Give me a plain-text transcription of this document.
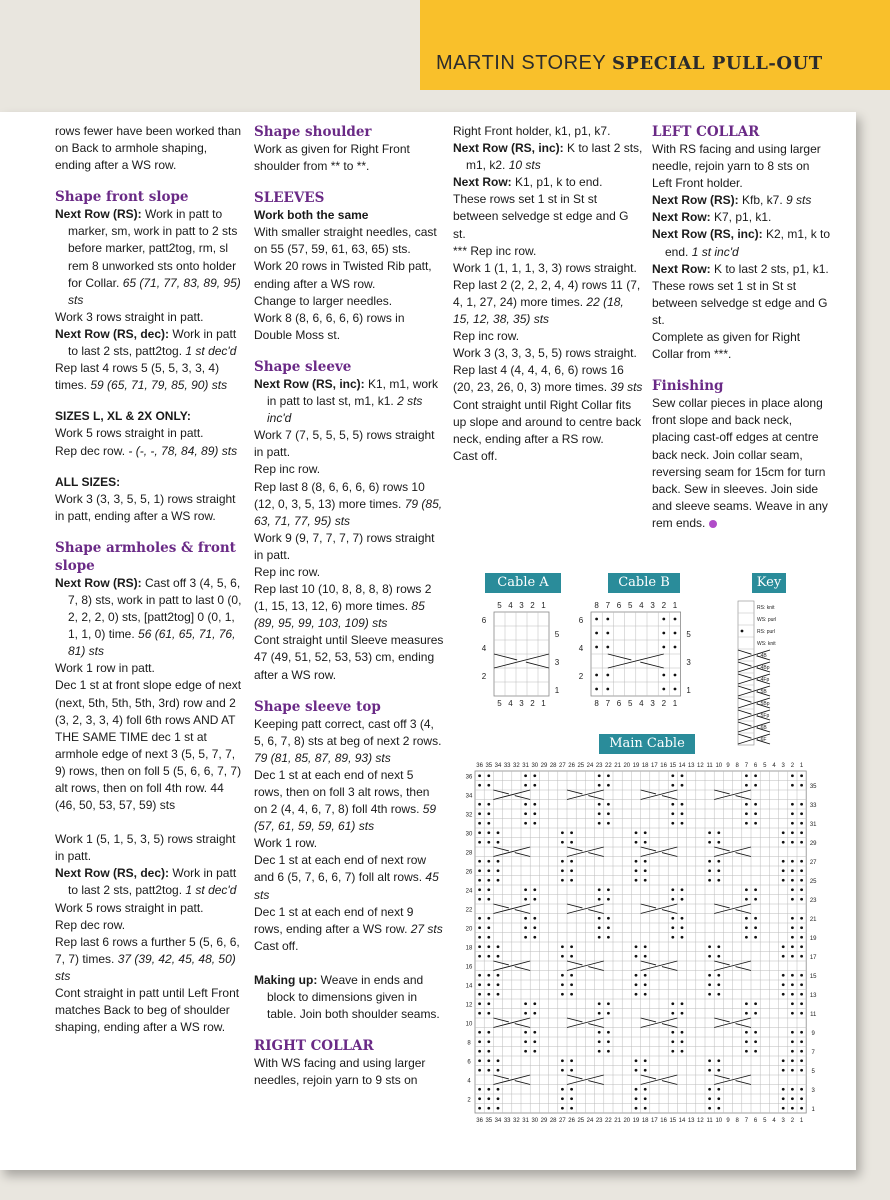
MARTIN STOREY SPECIAL PULL-OUT

rows fewer have been worked than on Back to armhole shaping, ending after a WS row.

Shape front slope

Next Row (RS): Work in patt to marker, sm, work in patt to 2 sts before marker, patt2tog, rm, sl rem 8 unworked sts onto holder for Collar. 65 (71, 77, 83, 89, 95) sts

Work 3 rows straight in patt.

Next Row (RS, dec): Work in patt to last 2 sts, patt2tog. 1 st dec'd

Rep last 4 rows 5 (5, 5, 3, 3, 4) times. 59 (65, 71, 79, 85, 90) sts

SIZES L, XL & 2X ONLY:

Work 5 rows straight in patt.

Rep dec row. - (-, -, 78, 84, 89) sts

ALL SIZES:

Work 3 (3, 3, 5, 5, 1) rows straight in patt, ending after a WS row.

Shape armholes & front slope

Next Row (RS): Cast off 3 (4, 5, 6, 7, 8) sts, work in patt to last 0 (0, 2, 2, 2, 0) sts, [patt2tog] 0 (0, 1, 1, 1, 0) time. 56 (61, 65, 71, 76, 81) sts

Work 1 row in patt.

Dec 1 st at front slope edge of next (next, 5th, 5th, 5th, 3rd) row and 2 (3, 2, 3, 3, 4) foll 6th rows AND AT THE SAME TIME dec 1 st at armhole edge of next 3 (5, 5, 7, 7, 9) rows, then on foll 5 (5, 6, 6, 7, 7) alt rows, then on foll 4th row. 44 (46, 50, 53, 57, 59) sts

Work 1 (5, 1, 5, 3, 5) rows straight in patt.

Next Row (RS, dec): Work in patt to last 2 sts, patt2tog. 1 st dec'd

Work 5 rows straight in patt.

Rep dec row.

Rep last 6 rows a further 5 (5, 6, 6, 7, 7) times. 37 (39, 42, 45, 48, 50) sts

Cont straight in patt until Left Front matches Back to beg of shoulder shaping, ending after a WS row.

Shape shoulder

Work as given for Right Front shoulder from ** to **.

SLEEVES

Work both the same

With smaller straight needles, cast on 55 (57, 59, 61, 63, 65) sts.

Work 20 rows in Twisted Rib patt, ending after a WS row.

Change to larger needles.

Work 8 (8, 6, 6, 6, 6) rows in Double Moss st.

Shape sleeve

Next Row (RS, inc): K1, m1, work in patt to last st, m1, k1. 2 sts inc'd

Work 7 (7, 5, 5, 5, 5) rows straight in patt.

Rep inc row.

Rep last 8 (8, 6, 6, 6, 6) rows 10 (12, 0, 3, 5, 13) more times. 79 (85, 63, 71, 77, 95) sts

Work 9 (9, 7, 7, 7, 7) rows straight in patt.

Rep inc row.

Rep last 10 (10, 8, 8, 8, 8) rows 2 (1, 15, 13, 12, 6) more times. 85 (89, 95, 99, 103, 109) sts

Cont straight until Sleeve measures 47 (49, 51, 52, 53, 53) cm, ending after a WS row.

Shape sleeve top

Keeping patt correct, cast off 3 (4, 5, 6, 7, 8) sts at beg of next 2 rows. 79 (81, 85, 87, 89, 93) sts

Dec 1 st at each end of next 5 rows, then on foll 3 alt rows, then on 2 (4, 4, 6, 7, 8) foll 4th rows. 59 (57, 61, 59, 59, 61) sts

Work 1 row.

Dec 1 st at each end of next row and 6 (5, 7, 6, 6, 7) foll alt rows. 45 sts

Dec 1 st at each end of next 9 rows, ending after a WS row. 27 sts

Cast off.

Making up: Weave in ends and block to dimensions given in table. Join both shoulder seams.

RIGHT COLLAR

With WS facing and using larger needles, rejoin yarn to 9 sts on

Right Front holder, k1, p1, k7.

Next Row (RS, inc): K to last 2 sts, m1, k2. 10 sts

Next Row: K1, p1, k to end.

These rows set 1 st in St st between selvedge st edge and G st.

*** Rep inc row.

Work 1 (1, 1, 1, 3, 3) rows straight.

Rep last 2 (2, 2, 2, 4, 4) rows 11 (7, 4, 1, 27, 24) more times. 22 (18, 15, 12, 38, 35) sts

Rep inc row.

Work 3 (3, 3, 3, 5, 5) rows straight.

Rep last 4 (4, 4, 4, 6, 6) rows 16 (20, 23, 26, 0, 3) more times. 39 sts

Cont straight until Right Collar fits up slope and around to centre back neck, ending after a RS row.

Cast off.

LEFT COLLAR

With RS facing and using larger needle, rejoin yarn to 8 sts on Left Front holder.

Next Row (RS): Kfb, k7. 9 sts

Next Row: K7, p1, k1.

Next Row (RS, inc): K2, m1, k to end. 1 st inc'd

Next Row: K to last 2 sts, p1, k1.

These rows set 1 st in St st between selvedge st edge and G st.

Complete as given for Right Collar from ***.

Finishing

Sew collar pieces in place along front slope and back neck, placing cast-off edges at centre back neck. Join collar seam, reversing seam for 15cm for turn back. Sew in sleeves. Join side and sleeve seams. Weave in any rem ends.

Cable A	Cable B	Key
Main Cable
5 4 3 2 1
5 4 3 2 1
6
4
2
5
3
1
8 7 6 5 4 3 2 1
8 7 6 5 4 3 2 1
6
4
2
5
3
1
RS: knit
WS: purl
RS: purl
WS: knit
C4B
C4Bp
C4Fp
C5B
C5Bp
C5Fp
C6B
C6F
36
36
35
35
34
34
33
33
32
32
31
31
30
30
29
29
28
28
27
27
26
26
25
25
24
24
23
23
22
22
21
21
20
20
19
19
18
18
17
17
16
16
15
15
14
14
13
13
12
12
11
11
10
10
9
9
8
8
7
7
6
6
5
5
4
4
3
3
2
2
1
1
36
35
34
33
32
31
30
29
28
27
26
25
24
23
22
21
20
19
18
17
16
15
14
13
12
11
10
9
8
7
6
5
4
3
2
1
